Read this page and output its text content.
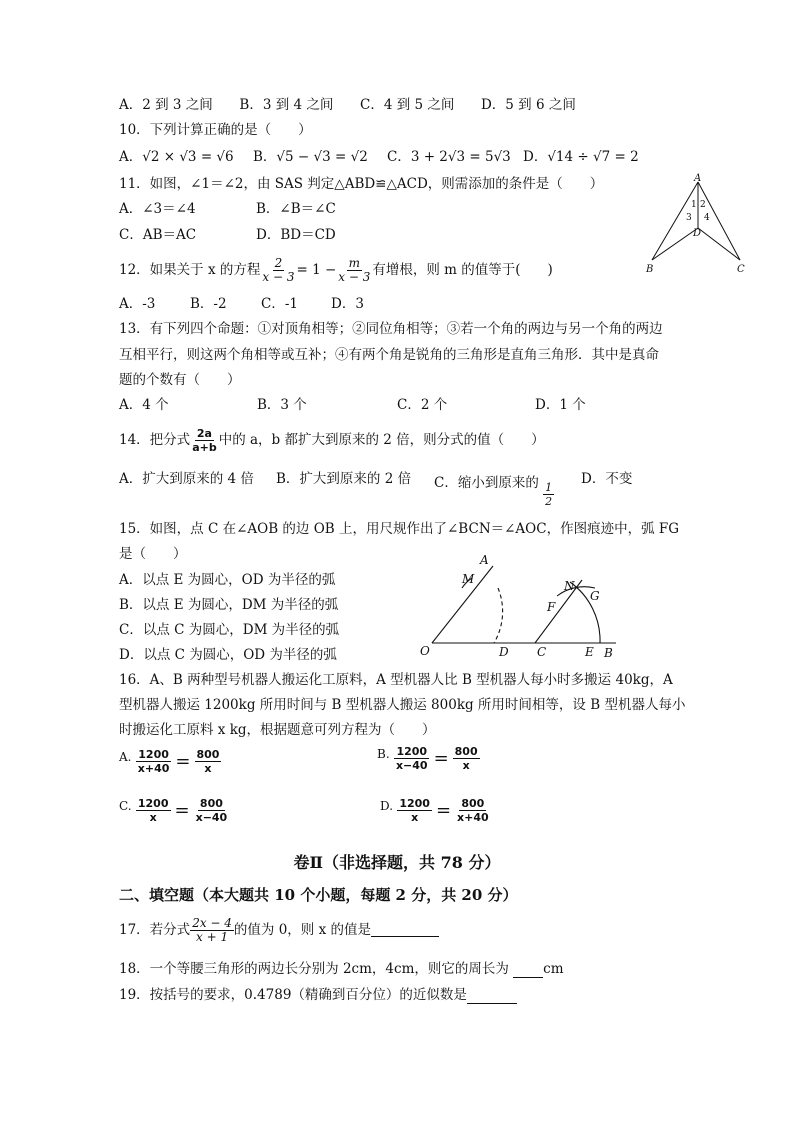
A．2 到 3 之间 B．3 到 4 之间 C．4 到 5 之间 D．5 到 6 之间
10．下列计算正确的是（　　）
A．√2 × √3 = √6 B．√5 − √3 = √2 C．3 + 2√3 = 5√3 D．√14 ÷ √7 = 2
11．如图，∠1＝∠2，由 SAS 判定△ABD≌△ACD，则需添加的条件是（　　）
A．∠3＝∠4	B．∠B＝∠C
C．AB＝AC	D．BD＝CD
A
B	C
D
1 2
3 4
12．如果关于 x 的方程 $\frac{2}{x - 3} = 1 - \frac{m}{x - 3}$ 有增根，则 m 的值等于(　　)
A．-3	B．-2	C．-1 D．3
13．有下列四个命题：①对顶角相等；②同位角相等；③若一个角的两边与另一个角的两边
互相平行，则这两个角相等或互补；④有两个角是锐角的三角形是直角三角形．其中是真命
题的个数有（　　）
A．4 个	B．3 个	C．2 个	D．1 个
14．把分式 $\frac{2a}{a+b}$ 中的 a，b 都扩大到原来的 2 倍，则分式的值（　　）
A．扩大到原来的 4 倍 B．扩大到原来的 2 倍 C．缩小到原来的 $\frac{1}{2}$
D．不变
15．如图，点 C 在∠AOB 的边 OB 上，用尺规作出了∠BCN＝∠AOC，作图痕迹中，弧 FG
是（　　）
A．以点 E 为圆心，OD 为半径的弧
B．以点 E 为圆心，DM 为半径的弧
C．以点 C 为圆心，DM 为半径的弧
D．以点 C 为圆心，OD 为半径的弧
A
M	N
G
F
O	D C	E B
16．A、B 两种型号机器人搬运化工原料，A 型机器人比 B 型机器人每小时多搬运 40kg，A
型机器人搬运 1200kg 所用时间与 B 型机器人搬运 800kg 所用时间相等，设 B 型机器人每小
时搬运化工原料 x kg，根据题意可列方程为（　　）
A. $\frac{1200}{x+40} = \frac{800}{x}$	B. $\frac{1200}{x-40} = \frac{800}{x}$
C. $\frac{1200}{x} = \frac{800}{x-40}$	D. $\frac{1200}{x} = \frac{800}{x+40}$
卷Ⅱ（非选择题，共 78 分）
二、填空题（本大题共 10 个小题，每题 2 分，共 20 分）
17．若分式 $\frac{2x - 4}{x + 1}$ 的值为 0，则 x 的值是
18．一个等腰三角形的两边长分别为 2cm，4cm，则它的周长为	cm
19．按括号的要求，0.4789（精确到百分位）的近似数是
